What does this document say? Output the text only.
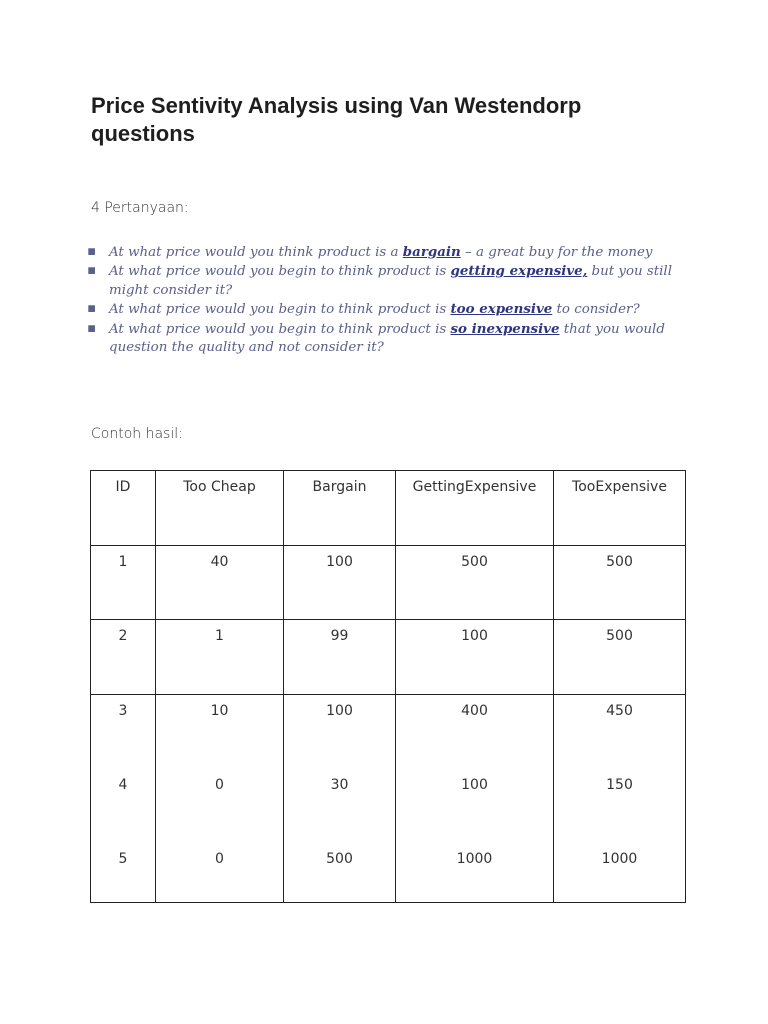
Price Sentivity Analysis using Van Westendorp questions
4 Pertanyaan:
▪ At what price would you think product is a bargain – a great buy for the money
▪ At what price would you begin to think product is getting expensive, but you still might consider it?
▪ At what price would you begin to think product is too expensive to consider?
▪ At what price would you begin to think product is so inexpensive that you would question the quality and not consider it?
Contoh hasil:
ID	Too Cheap	Bargain	GettingExpensive	TooExpensive
1	40	100	500	500
2	1	99	100	500
3	10	100	400	450
4	0	30	100	150
5	0	500	1000	1000
